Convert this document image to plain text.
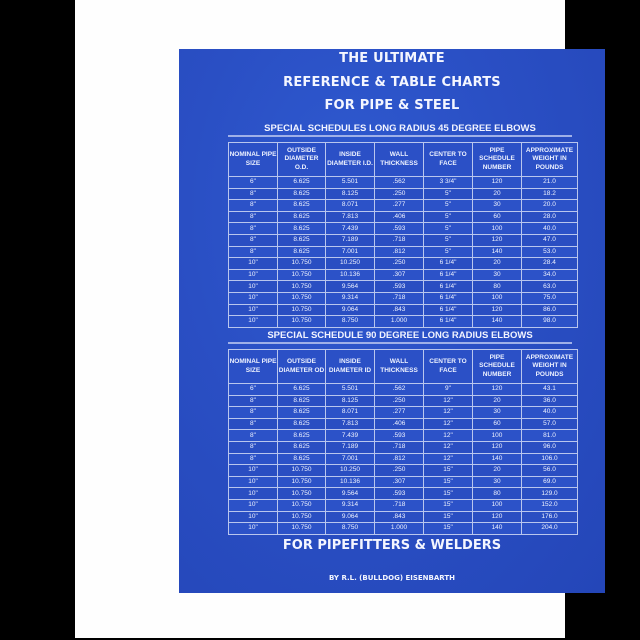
THE ULTIMATE
REFERENCE & TABLE CHARTS
FOR PIPE & STEEL
SPECIAL SCHEDULES LONG RADIUS 45 DEGREE ELBOWS
NOMINAL PIPE SIZE	OUTSIDE DIAMETER O.D.	INSIDE DIAMETER I.D.	WALL THICKNESS	CENTER TO FACE	PIPE SCHEDULE NUMBER	APPROXIMATE WEIGHT IN POUNDS
6"	6.625	5.501	.562	3 3/4"	120	21.0
8"	8.625	8.125	.250	5"	20	18.2
8"	8.625	8.071	.277	5"	30	20.0
8"	8.625	7.813	.406	5"	60	28.0
8"	8.625	7.439	.593	5"	100	40.0
8"	8.625	7.189	.718	5"	120	47.0
8"	8.625	7.001	.812	5"	140	53.0
10"	10.750	10.250	.250	6 1/4"	20	28.4
10"	10.750	10.136	.307	6 1/4"	30	34.0
10"	10.750	9.564	.593	6 1/4"	80	63.0
10"	10.750	9.314	.718	6 1/4"	100	75.0
10"	10.750	9.064	.843	6 1/4"	120	86.0
10"	10.750	8.750	1.000	6 1/4"	140	98.0
SPECIAL SCHEDULE 90 DEGREE LONG RADIUS ELBOWS
NOMINAL PIPE SIZE	OUTSIDE DIAMETER OD	INSIDE DIAMETER ID	WALL THICKNESS	CENTER TO FACE	PIPE SCHEDULE NUMBER	APPROXIMATE WEIGHT IN POUNDS
6"	6.625	5.501	.562	9"	120	43.1
8"	8.625	8.125	.250	12"	20	36.0
8"	8.625	8.071	.277	12"	30	40.0
8"	8.625	7.813	.406	12"	60	57.0
8"	8.625	7.439	.593	12"	100	81.0
8"	8.625	7.189	.718	12"	120	96.0
8"	8.625	7.001	.812	12"	140	106.0
10"	10.750	10.250	.250	15"	20	56.0
10"	10.750	10.136	.307	15"	30	69.0
10"	10.750	9.564	.593	15"	80	129.0
10"	10.750	9.314	.718	15"	100	152.0
10"	10.750	9.064	.843	15"	120	176.0
10"	10.750	8.750	1.000	15"	140	204.0
FOR PIPEFITTERS & WELDERS
BY R.L. (BULLDOG) EISENBARTH
